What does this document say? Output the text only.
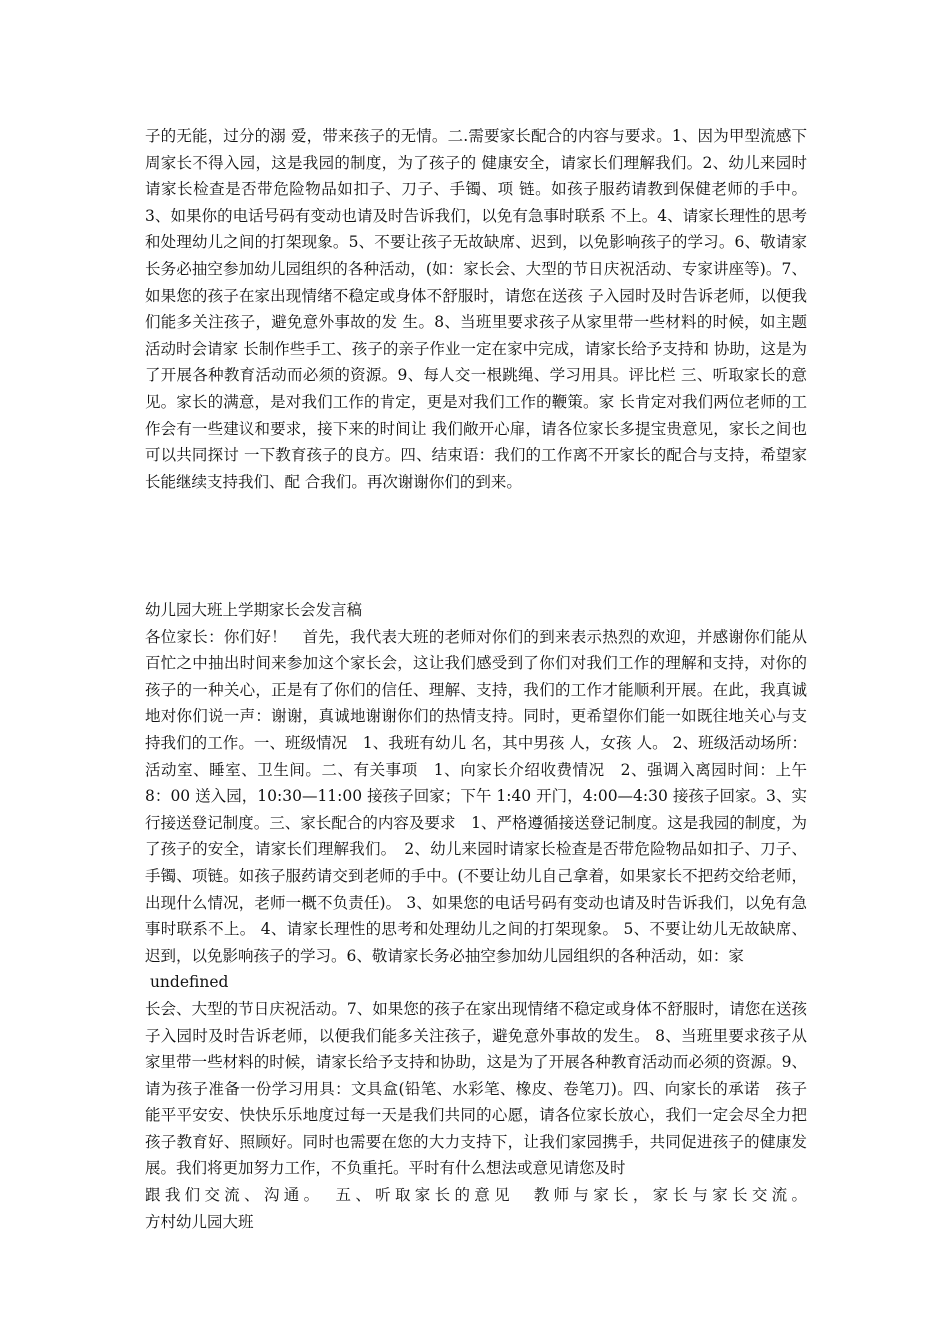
子的无能，过分的溺 爱，带来孩子的无情。二.需要家长配合的内容与要求。1、因为甲型流感下周家长不得入园，这是我园的制度，为了孩子的 健康安全，请家长们理解我们。2、幼儿来园时请家长检查是否带危险物品如扣子、刀子、手镯、项 链。如孩子服药请教到保健老师的手中。3、如果你的电话号码有变动也请及时告诉我们，以免有急事时联系 不上。4、请家长理性的思考和处理幼儿之间的打架现象。5、不要让孩子无故缺席、迟到，以免影响孩子的学习。6、敬请家长务必抽空参加幼儿园组织的各种活动，(如：家长会、大型的节日庆祝活动、专家讲座等)。7、如果您的孩子在家出现情绪不稳定或身体不舒服时，请您在送孩 子入园时及时告诉老师，以便我们能多关注孩子，避免意外事故的发 生。8、当班里要求孩子从家里带一些材料的时候，如主题活动时会请家 长制作些手工、孩子的亲子作业一定在家中完成，请家长给予支持和 协助，这是为了开展各种教育活动而必须的资源。9、每人交一根跳绳、学习用具。评比栏 三、听取家长的意见。家长的满意，是对我们工作的肯定，更是对我们工作的鞭策。家 长肯定对我们两位老师的工作会有一些建议和要求，接下来的时间让 我们敞开心扉，请各位家长多提宝贵意见，家长之间也可以共同探讨 一下教育孩子的良方。四、结束语：我们的工作离不开家长的配合与支持，希望家长能继续支持我们、配 合我们。再次谢谢你们的到来。
幼儿园大班上学期家长会发言稿
各位家长：你们好！　首先，我代表大班的老师对你们的到来表示热烈的欢迎，并感谢你们能从百忙之中抽出时间来参加这个家长会，这让我们感受到了你们对我们工作的理解和支持，对你的孩子的一种关心，正是有了你们的信任、理解、支持，我们的工作才能顺利开展。在此，我真诚地对你们说一声：谢谢，真诚地谢谢你们的热情支持。同时，更希望你们能一如既往地关心与支持我们的工作。一、班级情况　1、我班有幼儿 名，其中男孩 人，女孩 人。 2、班级活动场所：活动室、睡室、卫生间。二、有关事项　1、向家长介绍收费情况　2、强调入离园时间：上午 8：00 送入园，10:30—11:00 接孩子回家；下午 1:40 开门，4:00—4:30 接孩子回家。3、实行接送登记制度。三、家长配合的内容及要求　1、严格遵循接送登记制度。这是我园的制度，为了孩子的安全，请家长们理解我们。　2、幼儿来园时请家长检查是否带危险物品如扣子、刀子、手镯、项链。如孩子服药请交到老师的手中。(不要让幼儿自己拿着，如果家长不把药交给老师，出现什么情况，老师一概不负责任)。 3、如果您的电话号码有变动也请及时告诉我们，以免有急事时联系不上。 4、请家长理性的思考和处理幼儿之间的打架现象。 5、不要让幼儿无故缺席、迟到，以免影响孩子的学习。6、敬请家长务必抽空参加幼儿园组织的各种活动，如：家
undefined
长会、大型的节日庆祝活动。7、如果您的孩子在家出现情绪不稳定或身体不舒服时，请您在送孩子入园时及时告诉老师，以便我们能多关注孩子，避免意外事故的发生。 8、当班里要求孩子从家里带一些材料的时候，请家长给予支持和协助，这是为了开展各种教育活动而必须的资源。9、请为孩子准备一份学习用具：文具盒(铅笔、水彩笔、橡皮、卷笔刀)。四、向家长的承诺　孩子能平平安安、快快乐乐地度过每一天是我们共同的心愿，请各位家长放心，我们一定会尽全力把孩子教育好、照顾好。同时也需要在您的大力支持下，让我们家园携手，共同促进孩子的健康发展。我们将更加努力工作，不负重托。平时有什么想法或意见请您及时
跟我们交流、沟通。　五、听取家长的意见　教师与家长，家长与家长交流。
方村幼儿园大班
